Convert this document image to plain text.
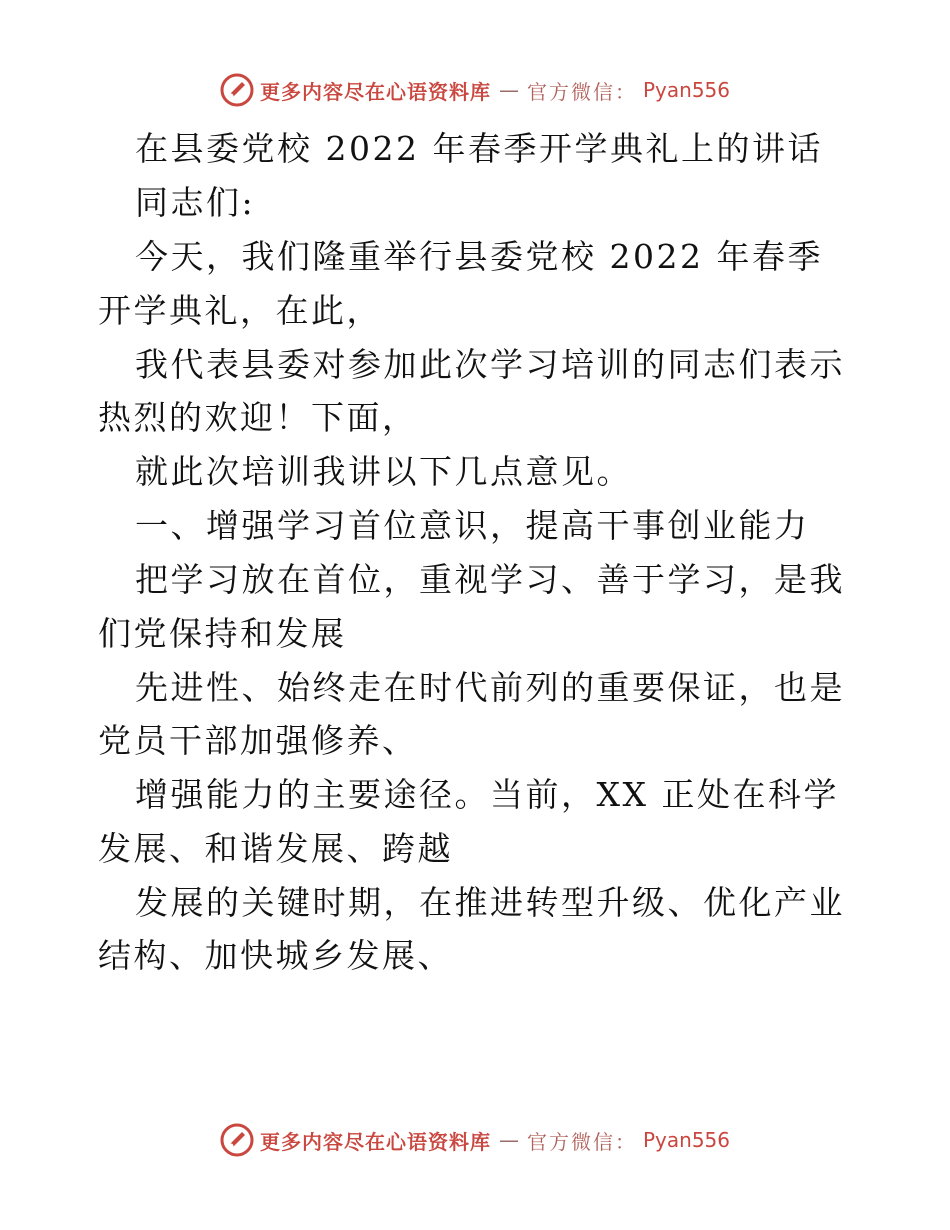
更多内容尽在心语资料库 — 官方微信： Pyan556

在县委党校 2022 年春季开学典礼上的讲话

同志们:

今天，我们隆重举行县委党校 2022 年春季开学典礼，在此，

我代表县委对参加此次学习培训的同志们表示热烈的欢迎！下面，

就此次培训我讲以下几点意见。

一、增强学习首位意识，提高干事创业能力

把学习放在首位，重视学习、善于学习，是我们党保持和发展

先进性、始终走在时代前列的重要保证，也是党员干部加强修养、

增强能力的主要途径。当前，XX 正处在科学发展、和谐发展、跨越

发展的关键时期，在推进转型升级、优化产业结构、加快城乡发展、

更多内容尽在心语资料库 — 官方微信： Pyan556
